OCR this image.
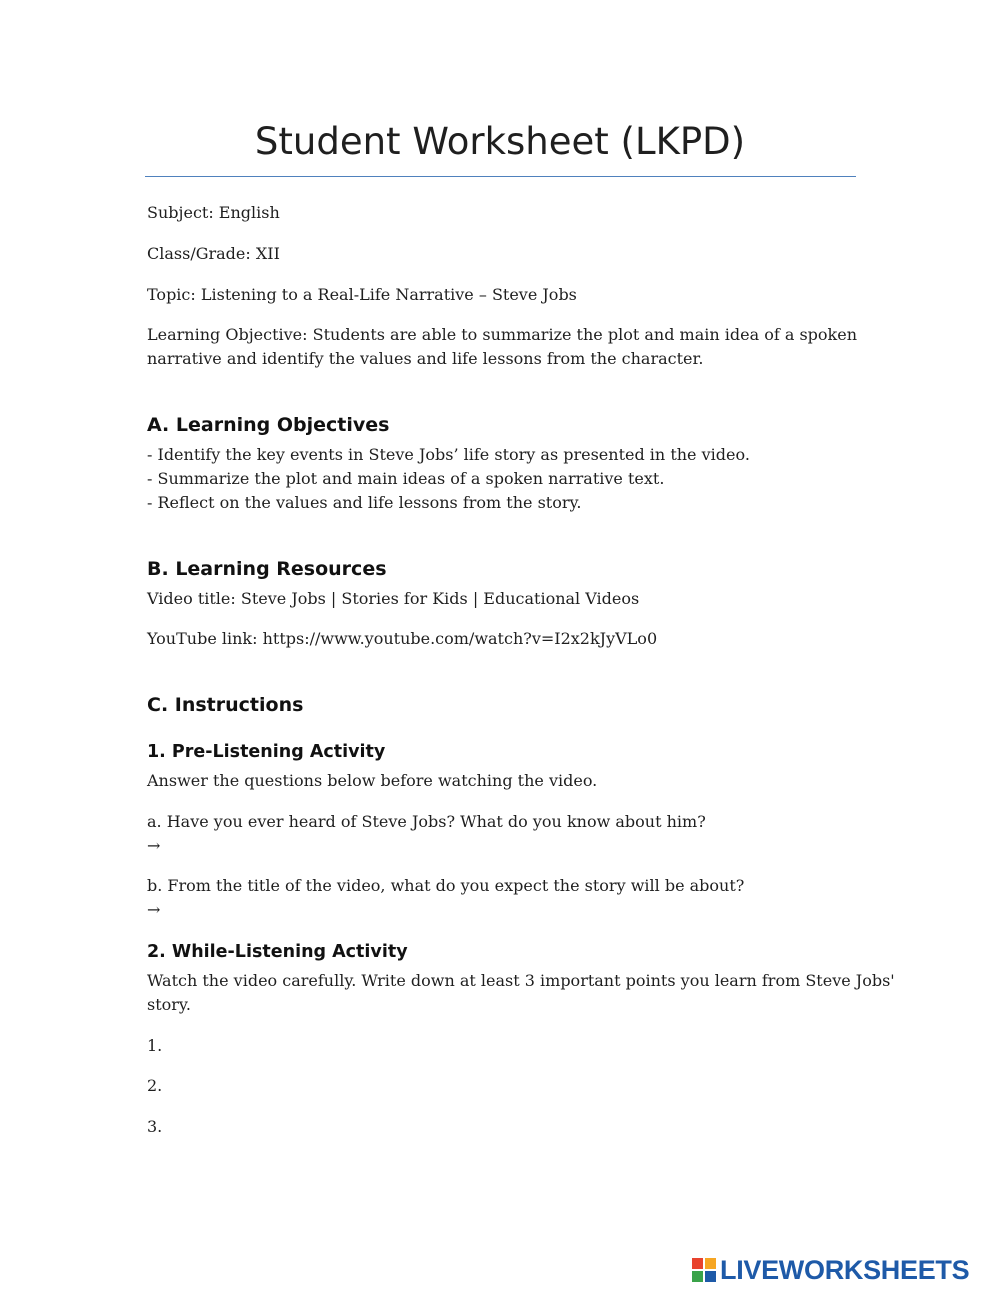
Student Worksheet (LKPD)

Subject: English

Class/Grade: XII

Topic: Listening to a Real-Life Narrative – Steve Jobs

Learning Objective: Students are able to summarize the plot and main idea of a spoken

narrative and identify the values and life lessons from the character.

A. Learning Objectives
- Identify the key events in Steve Jobs’ life story as presented in the video.
- Summarize the plot and main ideas of a spoken narrative text.
- Reflect on the values and life lessons from the story.
B. Learning Resources

Video title: Steve Jobs | Stories for Kids | Educational Videos

YouTube link: https://www.youtube.com/watch?v=I2x2kJyVLo0

C. Instructions
1. Pre-Listening Activity

Answer the questions below before watching the video.

a. Have you ever heard of Steve Jobs? What do you know about him?

→

b. From the title of the video, what do you expect the story will be about?

→

2. While-Listening Activity

Watch the video carefully. Write down at least 3 important points you learn from Steve Jobs'

story.

1.

2.

3.

LIVEWORKSHEETS
